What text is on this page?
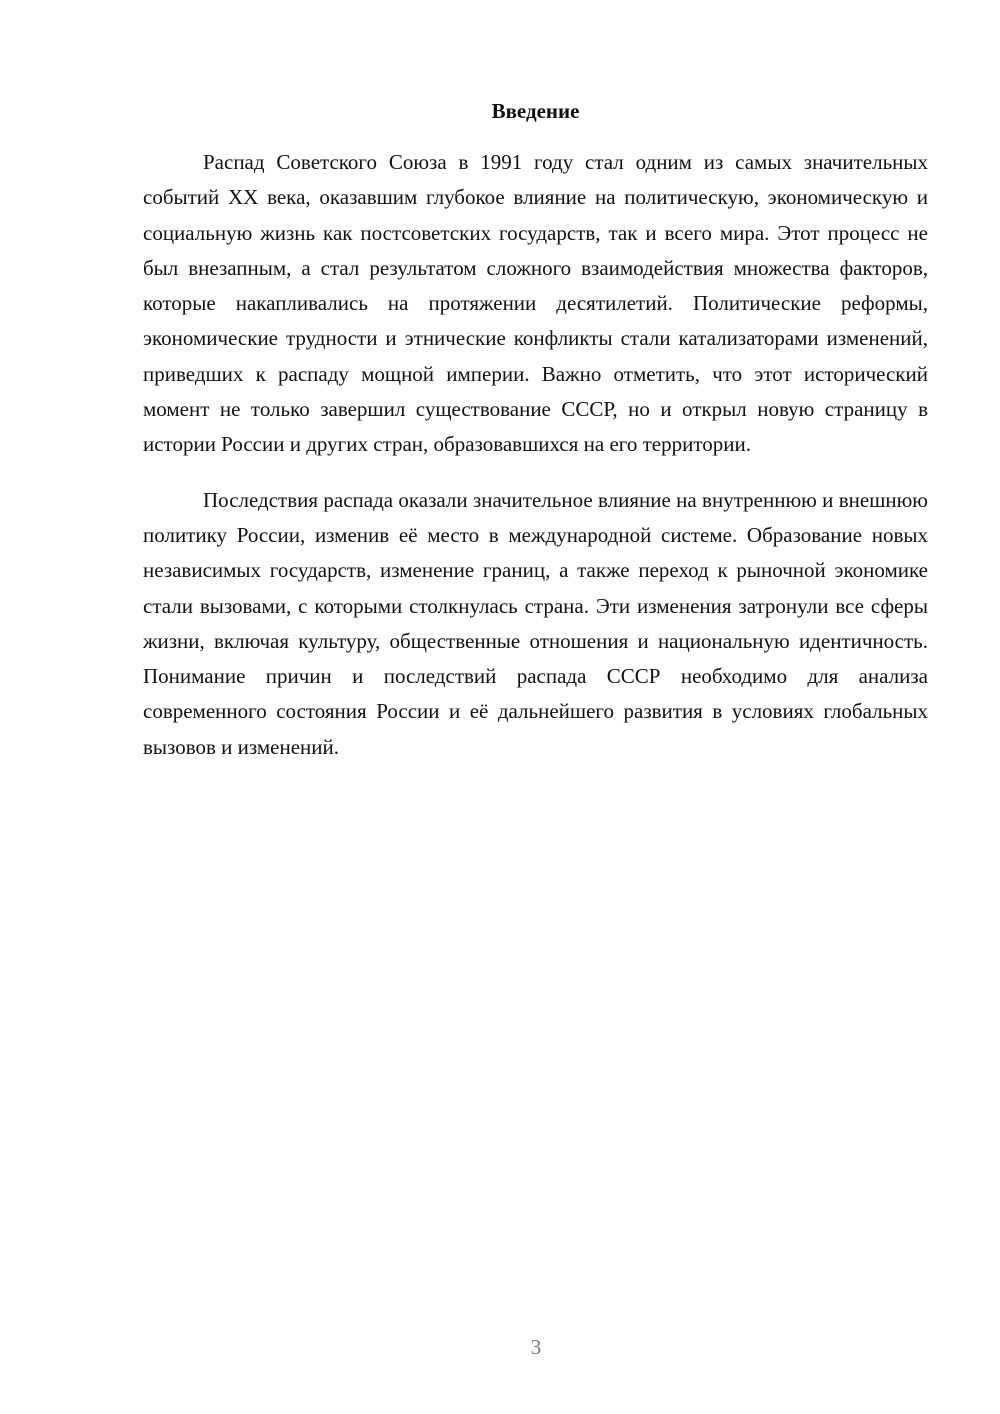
Введение

Распад Советского Союза в 1991 году стал одним из самых значительных событий XX века, оказавшим глубокое влияние на политическую, экономическую и социальную жизнь как постсоветских государств, так и всего мира. Этот процесс не был внезапным, а стал результатом сложного взаимодействия множества факторов, которые накапливались на протяжении десятилетий. Политические реформы, экономические трудности и этнические конфликты стали катализаторами изменений, приведших к распаду мощной империи. Важно отметить, что этот исторический момент не только завершил существование СССР, но и открыл новую страницу в истории России и других стран, образовавшихся на его территории.

Последствия распада оказали значительное влияние на внутреннюю и внешнюю политику России, изменив её место в международной системе. Образование новых независимых государств, изменение границ, а также переход к рыночной экономике стали вызовами, с которыми столкнулась страна. Эти изменения затронули все сферы жизни, включая культуру, общественные отношения и национальную идентичность. Понимание причин и последствий распада СССР необходимо для анализа современного состояния России и её дальнейшего развития в условиях глобальных вызовов и изменений.

3
